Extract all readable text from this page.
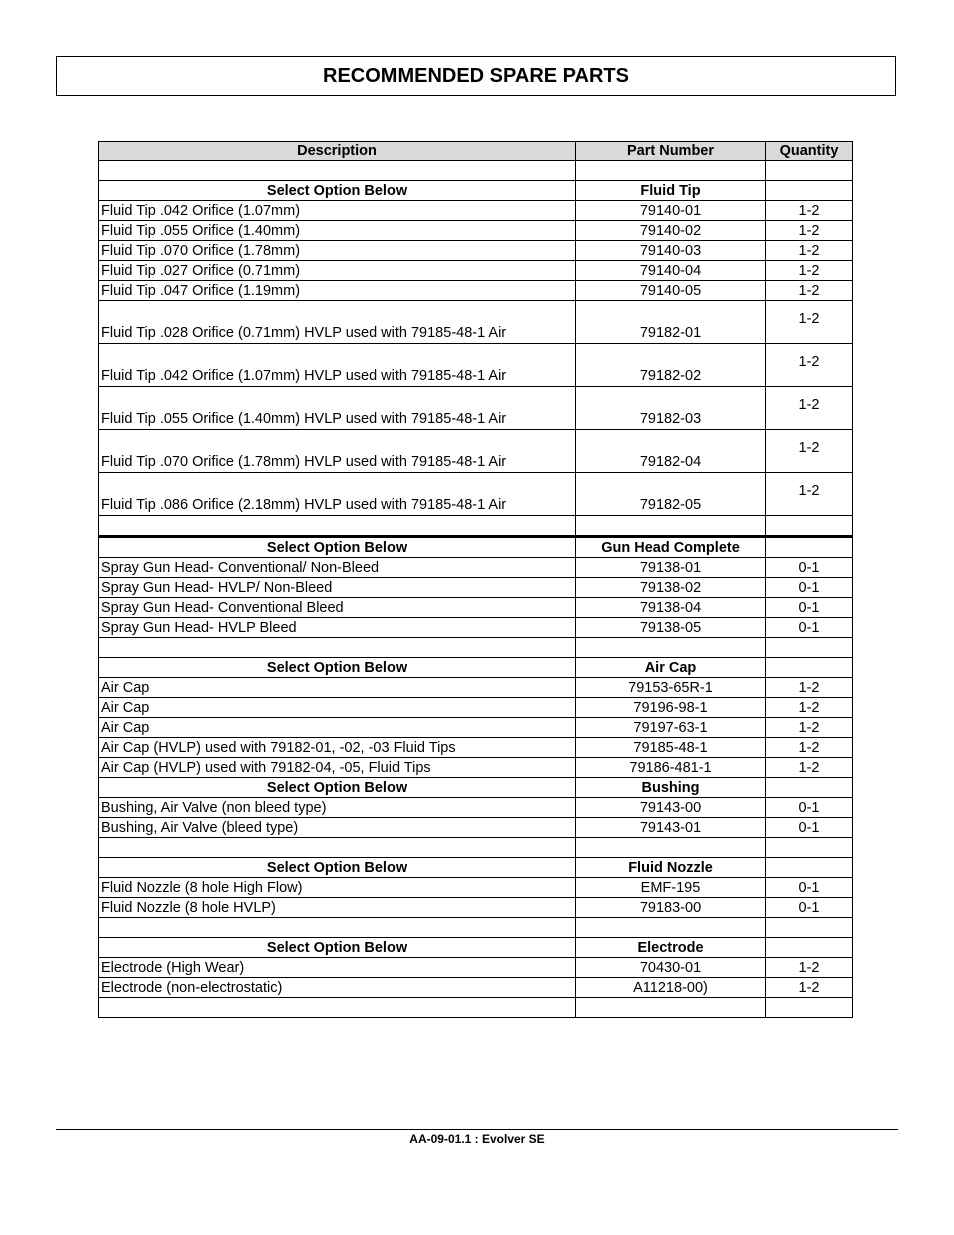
RECOMMENDED SPARE PARTS
Description	Part Number	Quantity

Select Option Below	Fluid Tip	
Fluid Tip .042 Orifice (1.07mm)	79140-01	1-2
Fluid Tip .055 Orifice (1.40mm)	79140-02	1-2
Fluid Tip .070 Orifice (1.78mm)	79140-03	1-2
Fluid Tip .027 Orifice (0.71mm)	79140-04	1-2
Fluid Tip .047 Orifice (1.19mm)	79140-05	1-2
Fluid Tip .028 Orifice (0.71mm) HVLP used with 79185-48-1 Air	79182-01	1-2
Fluid Tip .042 Orifice (1.07mm) HVLP used with 79185-48-1 Air	79182-02	1-2
Fluid Tip .055 Orifice (1.40mm) HVLP used with 79185-48-1 Air	79182-03	1-2
Fluid Tip .070 Orifice (1.78mm) HVLP used with 79185-48-1 Air	79182-04	1-2
Fluid Tip .086 Orifice (2.18mm) HVLP used with 79185-48-1 Air	79182-05	1-2

Select Option Below	Gun Head Complete	
Spray Gun Head- Conventional/ Non-Bleed	79138-01	0-1
Spray Gun Head- HVLP/ Non-Bleed	79138-02	0-1
Spray Gun Head- Conventional Bleed	79138-04	0-1
Spray Gun Head- HVLP Bleed	79138-05	0-1

Select Option Below	Air Cap	
Air Cap	79153-65R-1	1-2
Air Cap	79196-98-1	1-2
Air Cap	79197-63-1	1-2
Air Cap (HVLP) used with 79182-01, -02, -03 Fluid Tips	79185-48-1	1-2
Air Cap (HVLP) used with 79182-04, -05, Fluid Tips	79186-481-1	1-2
Select Option Below	Bushing	
Bushing, Air Valve (non bleed type)	79143-00	0-1
Bushing, Air Valve (bleed type)	79143-01	0-1

Select Option Below	Fluid Nozzle	
Fluid Nozzle (8 hole High Flow)	EMF-195	0-1
Fluid Nozzle (8 hole HVLP)	79183-00	0-1

Select Option Below	Electrode	
Electrode (High Wear)	70430-01	1-2
Electrode (non-electrostatic)	A11218-00)	1-2

AA-09-01.1 : Evolver SE
